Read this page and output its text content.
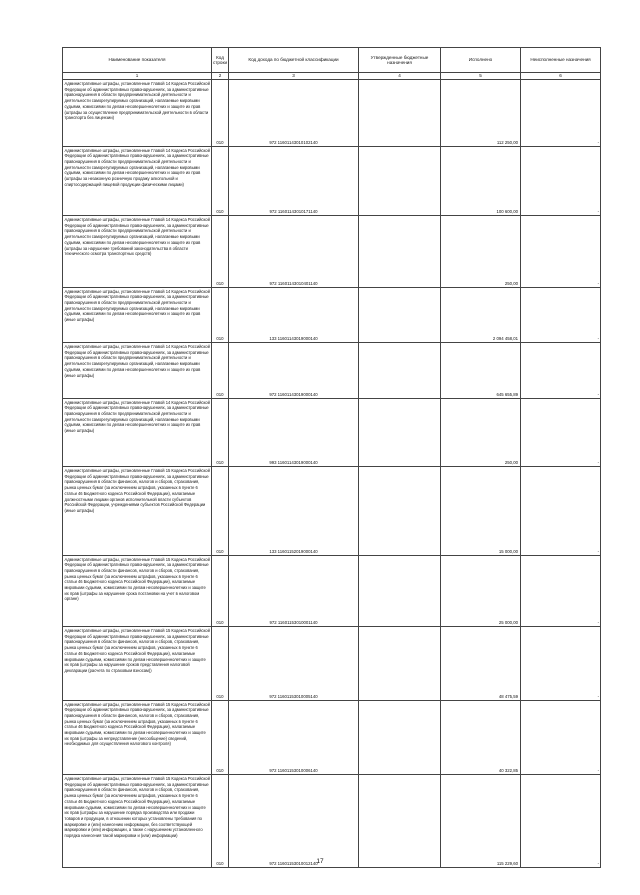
Наименование показателя	Код строки	Код дохода по бюджетной классификации	Утвержденные бюджетные назначения	Исполнено	Неисполненные назначения
1	2	3	4	5	6
Административные штрафы, установленные Главой 14 Кодекса Российской Федерации об административных правонарушениях, за административные правонарушения в области предпринимательской деятельности и деятельности саморегулируемых организаций, налагаемые мировыми судьями, комиссиями по делам несовершеннолетних и защите их прав (штрафы за осуществление предпринимательской деятельности в области транспорта без лицензии)	010	972 11601143010102140		112 250,00	-
Административные штрафы, установленные Главой 14 Кодекса Российской Федерации об административных правонарушениях, за административные правонарушения в области предпринимательской деятельности и деятельности саморегулируемых организаций, налагаемые мировыми судьями, комиссиями по делам несовершеннолетних и защите их прав (штрафы за незаконную розничную продажу алкогольной и спиртосодержащей пищевой продукции физическими лицами)	010	972 11601143010171140		100 600,00	-
Административные штрафы, установленные Главой 14 Кодекса Российской Федерации об административных правонарушениях, за административные правонарушения в области предпринимательской деятельности и деятельности саморегулируемых организаций, налагаемые мировыми судьями, комиссиями по делам несовершеннолетних и защите их прав (штрафы за нарушение требований законодательства в области технического осмотра транспортных средств)	010	972 11601143010401140		250,00	-
Административные штрафы, установленные Главой 14 Кодекса Российской Федерации об административных правонарушениях, за административные правонарушения в области предпринимательской деятельности и деятельности саморегулируемых организаций, налагаемые мировыми судьями, комиссиями по делам несовершеннолетних и защите их прав (иные штрафы)	010	133 11601143019000140		2 094 458,01	-
Административные штрафы, установленные Главой 14 Кодекса Российской Федерации об административных правонарушениях, за административные правонарушения в области предпринимательской деятельности и деятельности саморегулируемых организаций, налагаемые мировыми судьями, комиссиями по делам несовершеннолетних и защите их прав (иные штрафы)	010	972 11601143019000140		645 655,89	-
Административные штрафы, установленные Главой 14 Кодекса Российской Федерации об административных правонарушениях, за административные правонарушения в области предпринимательской деятельности и деятельности саморегулируемых организаций, налагаемые мировыми судьями, комиссиями по делам несовершеннолетних и защите их прав (иные штрафы)	010	993 11601143019000140		250,00	-
Административные штрафы, установленные Главой 15 Кодекса Российской Федерации об административных правонарушениях, за административные правонарушения в области финансов, налогов и сборов, страхования, рынка ценных бумаг (за исключением штрафов, указанных в пункте 6 статьи 46 Бюджетного кодекса Российской Федерации), налагаемые должностными лицами органов исполнительной власти субъектов Российской Федерации, учреждениями субъектов Российской Федерации (иные штрафы)	010	133 11601152019000140		15 000,00	-
Административные штрафы, установленные Главой 15 Кодекса Российской Федерации об административных правонарушениях, за административные правонарушения в области финансов, налогов и сборов, страхования, рынка ценных бумаг (за исключением штрафов, указанных в пункте 6 статьи 46 Бюджетного кодекса Российской Федерации), налагаемые мировыми судьями, комиссиями по делам несовершеннолетних и защите их прав (штрафы за нарушение срока постановки на учет в налоговом органе)	010	972 11601153010001140		25 000,00	-
Административные штрафы, установленные Главой 15 Кодекса Российской Федерации об административных правонарушениях, за административные правонарушения в области финансов, налогов и сборов, страхования, рынка ценных бумаг (за исключением штрафов, указанных в пункте 6 статьи 46 Бюджетного кодекса Российской Федерации), налагаемые мировыми судьями, комиссиями по делам несовершеннолетних и защите их прав (штрафы за нарушение сроков представления налоговой декларации (расчета по страховым взносам))	010	972 11601153010005140		48 475,59	-
Административные штрафы, установленные Главой 15 Кодекса Российской Федерации об административных правонарушениях, за административные правонарушения в области финансов, налогов и сборов, страхования, рынка ценных бумаг (за исключением штрафов, указанных в пункте 6 статьи 46 Бюджетного кодекса Российской Федерации), налагаемые мировыми судьями, комиссиями по делам несовершеннолетних и защите их прав (штрафы за непредставление (несообщение) сведений, необходимых для осуществления налогового контроля)	010	972 11601153010006140		40 322,85	-
Административные штрафы, установленные Главой 15 Кодекса Российской Федерации об административных правонарушениях, за административные правонарушения в области финансов, налогов и сборов, страхования, рынка ценных бумаг (за исключением штрафов, указанных в пункте 6 статьи 46 Бюджетного кодекса Российской Федерации), налагаемые мировыми судьями, комиссиями по делам несовершеннолетних и защите их прав (штрафы за нарушение порядка производства или продажи товаров и продукции, в отношении которых установлены требования по маркировке и (или) нанесению информации, без соответствующей маркировки и (или) информации, а также с нарушением установленного порядка нанесения такой маркировки и (или) информации)	010	972 11601153010012140		115 229,60	-
17
